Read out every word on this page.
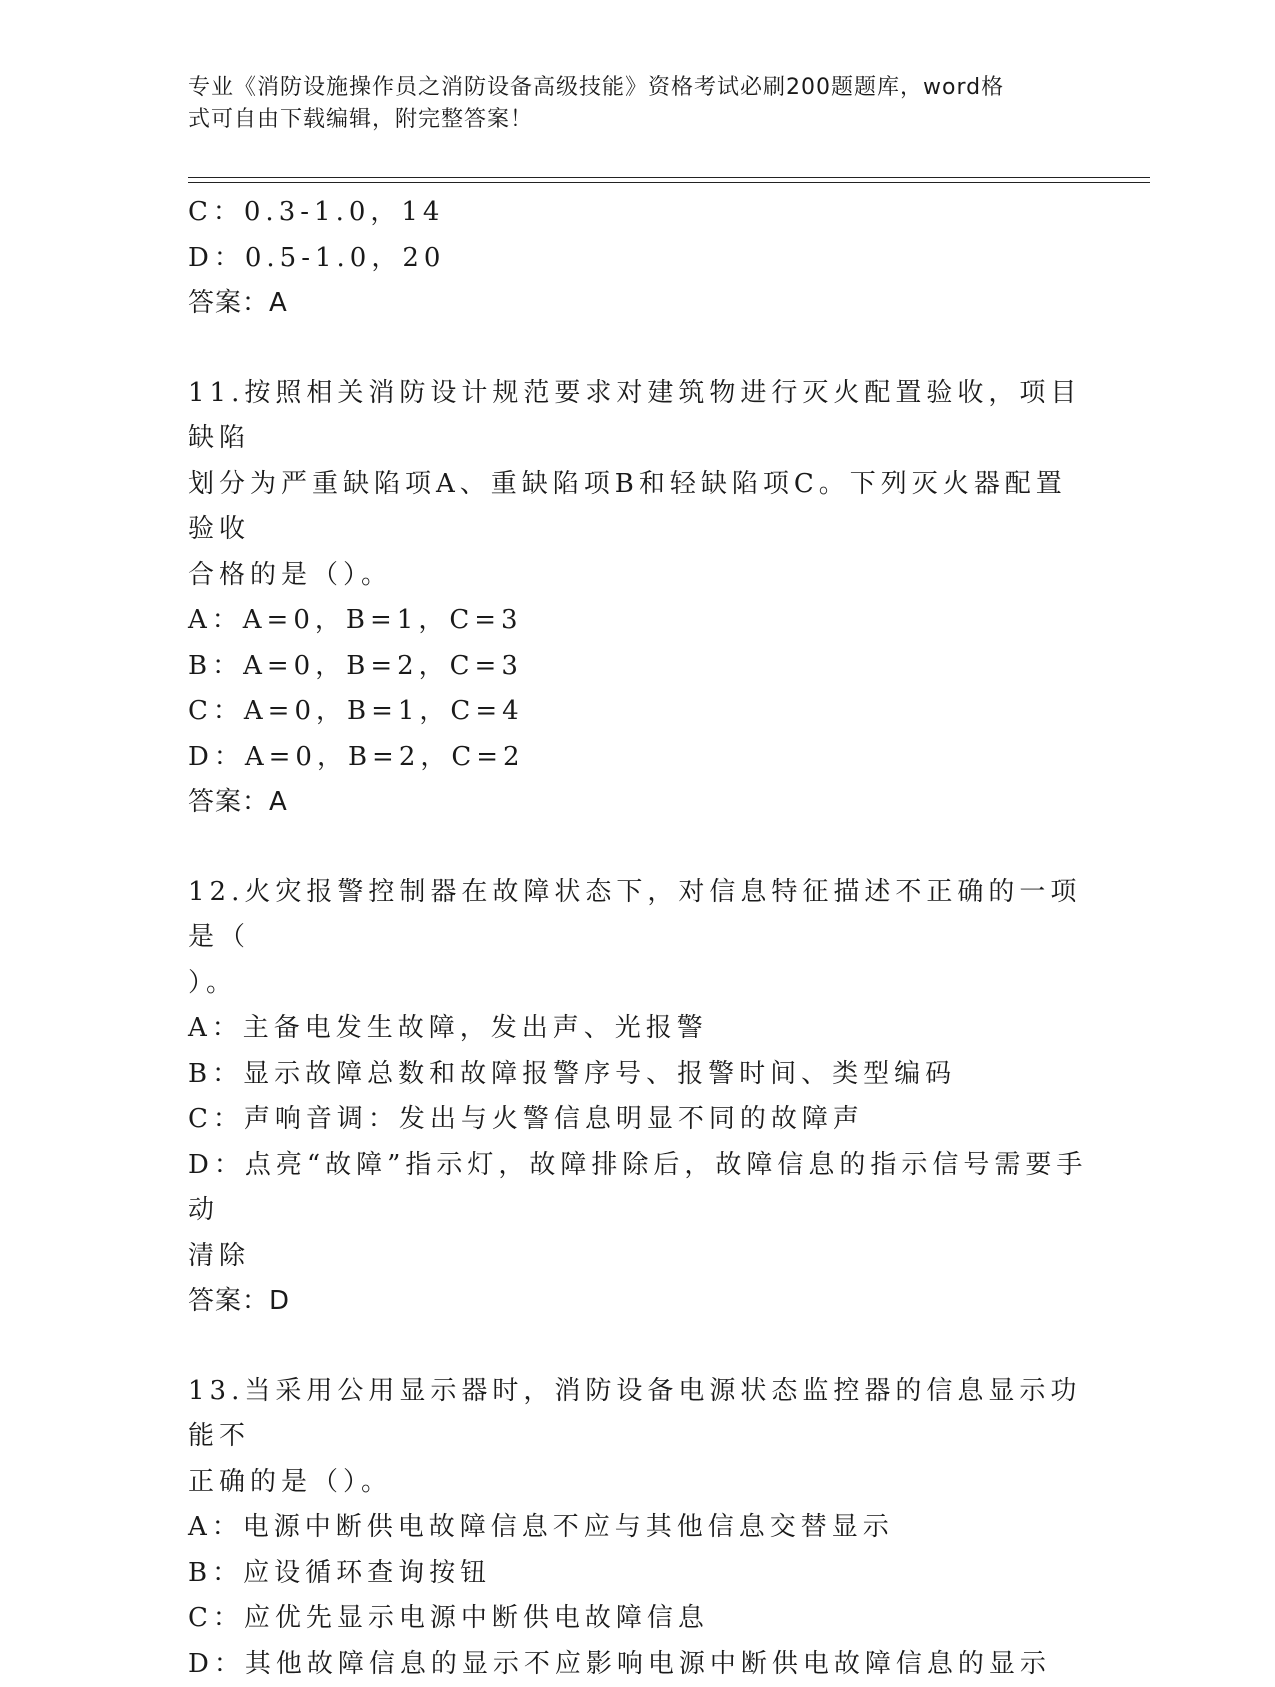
专业《消防设施操作员之消防设备高级技能》资格考试必刷200题题库，word格
式可自由下载编辑，附完整答案！

C：0.3-1.0，14

D：0.5-1.0，20

答案：A

11.按照相关消防设计规范要求对建筑物进行灭火配置验收，项目缺陷

划分为严重缺陷项A、重缺陷项B和轻缺陷项C。下列灭火器配置验收

合格的是（）。

A：A=0，B=1，C=3

B：A=0，B=2，C=3

C：A=0，B=1，C=4

D：A=0，B=2，C=2

答案：A

12.火灾报警控制器在故障状态下，对信息特征描述不正确的一项是（

）。

A：主备电发生故障，发出声、光报警

B：显示故障总数和故障报警序号、报警时间、类型编码

C：声响音调：发出与火警信息明显不同的故障声

D：点亮“故障”指示灯，故障排除后，故障信息的指示信号需要手动

清除

答案：D

13.当采用公用显示器时，消防设备电源状态监控器的信息显示功能不

正确的是（）。

A：电源中断供电故障信息不应与其他信息交替显示

B：应设循环查询按钮

C：应优先显示电源中断供电故障信息

D：其他故障信息的显示不应影响电源中断供电故障信息的显示
